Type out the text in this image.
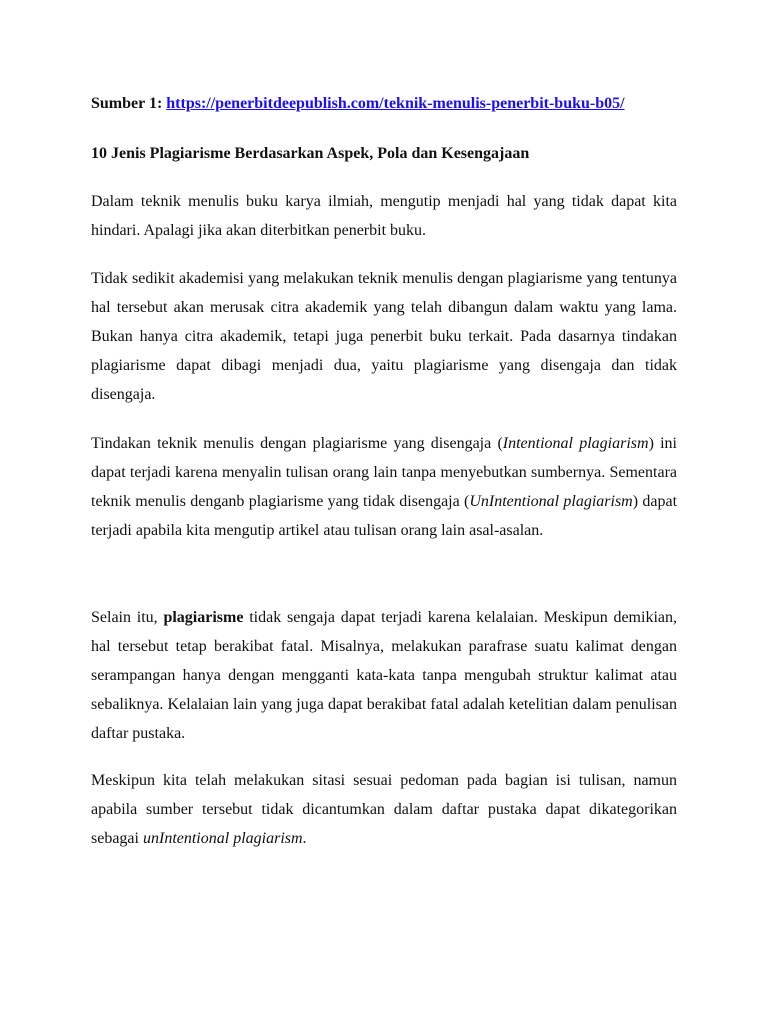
Sumber 1: https://penerbitdeepublish.com/teknik-menulis-penerbit-buku-b05/
10 Jenis Plagiarisme Berdasarkan Aspek, Pola dan Kesengajaan

Dalam teknik menulis buku karya ilmiah, mengutip menjadi hal yang tidak dapat kita hindari. Apalagi jika akan diterbitkan penerbit buku.

Tidak sedikit akademisi yang melakukan teknik menulis dengan plagiarisme yang tentunya hal tersebut akan merusak citra akademik yang telah dibangun dalam waktu yang lama. Bukan hanya citra akademik, tetapi juga penerbit buku terkait. Pada dasarnya tindakan plagiarisme dapat dibagi menjadi dua, yaitu plagiarisme yang disengaja dan tidak disengaja.

Tindakan teknik menulis dengan plagiarisme yang disengaja (Intentional plagiarism) ini dapat terjadi karena menyalin tulisan orang lain tanpa menyebutkan sumbernya. Sementara teknik menulis denganb plagiarisme yang tidak disengaja (UnIntentional plagiarism) dapat terjadi apabila kita mengutip artikel atau tulisan orang lain asal-asalan.

Selain itu, plagiarisme tidak sengaja dapat terjadi karena kelalaian. Meskipun demikian, hal tersebut tetap berakibat fatal. Misalnya, melakukan parafrase suatu kalimat dengan serampangan hanya dengan mengganti kata-kata tanpa mengubah struktur kalimat atau sebaliknya. Kelalaian lain yang juga dapat berakibat fatal adalah ketelitian dalam penulisan daftar pustaka.

Meskipun kita telah melakukan sitasi sesuai pedoman pada bagian isi tulisan, namun apabila sumber tersebut tidak dicantumkan dalam daftar pustaka dapat dikategorikan sebagai unIntentional plagiarism.
